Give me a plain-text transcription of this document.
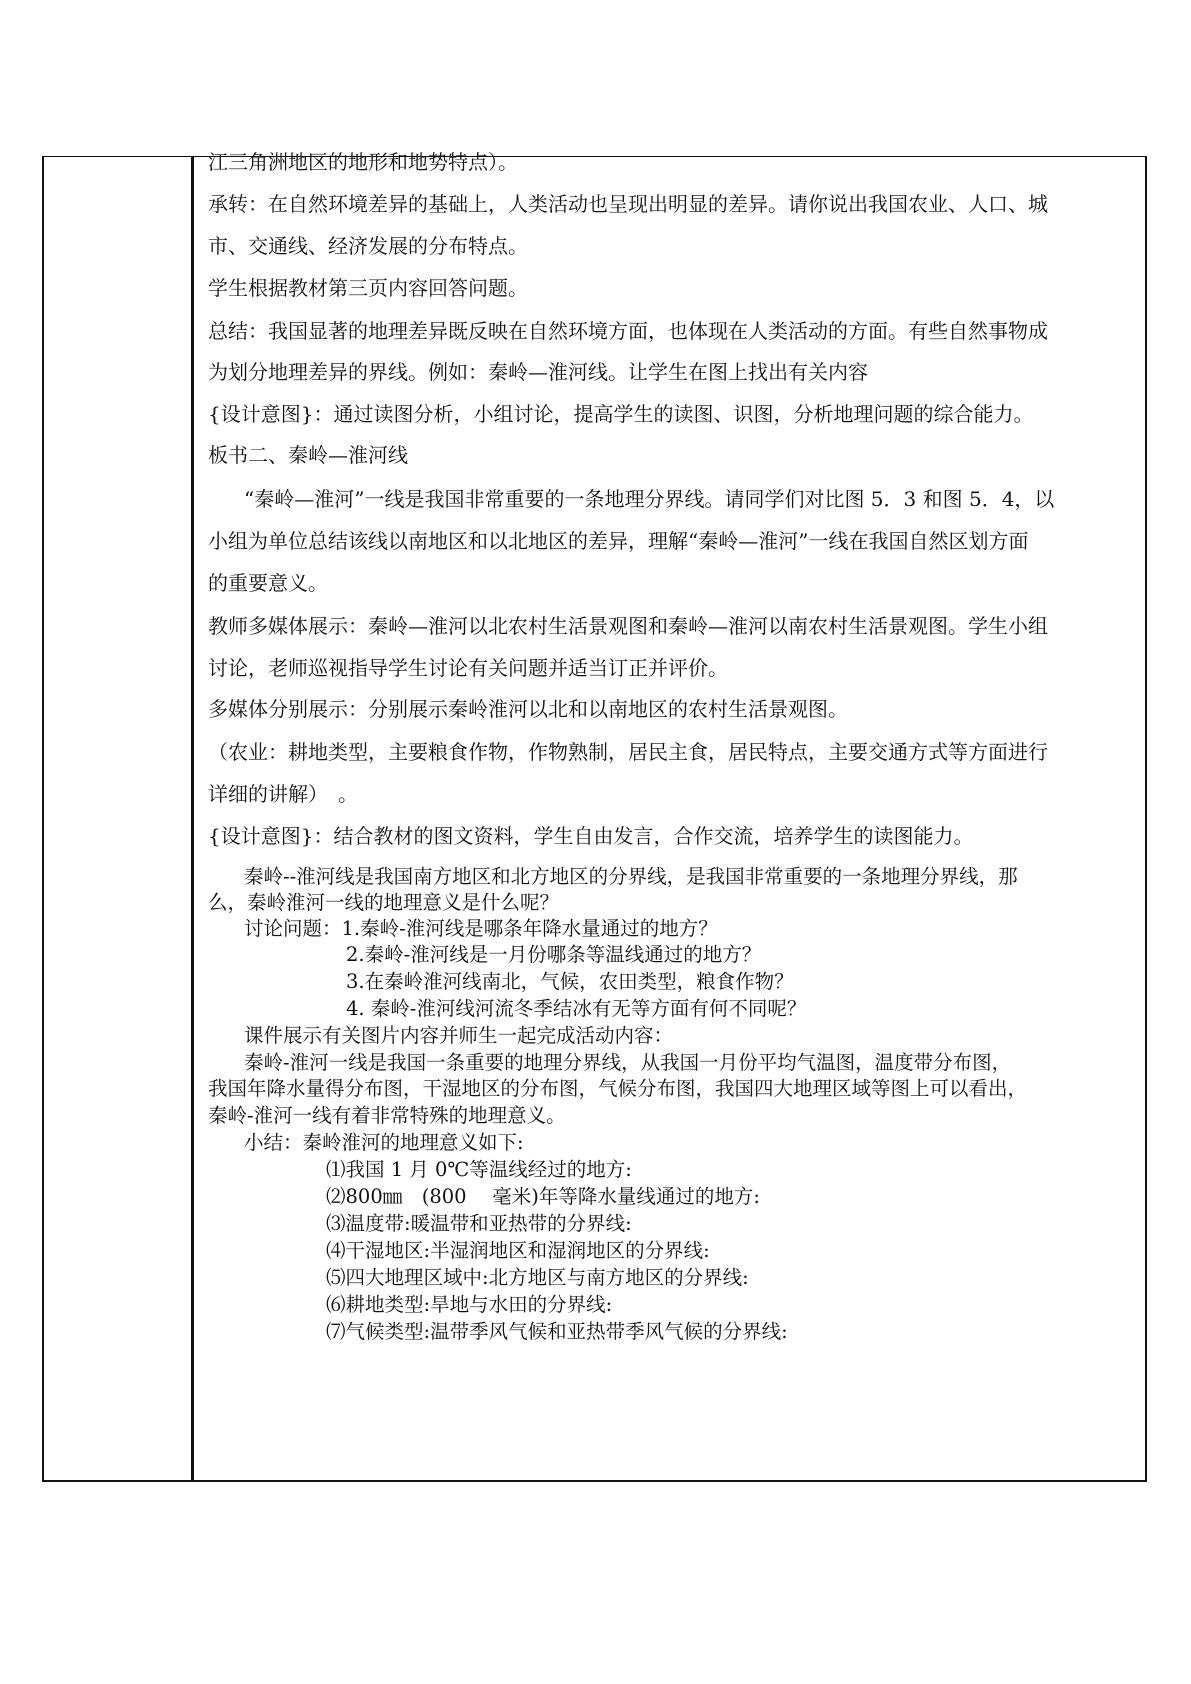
江三角洲地区的地形和地势特点）。

承转：在自然环境差异的基础上，人类活动也呈现出明显的差异。请你说出我国农业、人口、城

市、交通线、经济发展的分布特点。

学生根据教材第三页内容回答问题。

总结：我国显著的地理差异既反映在自然环境方面，也体现在人类活动的方面。有些自然事物成

为划分地理差异的界线。例如：秦岭—淮河线。让学生在图上找出有关内容

{设计意图}：通过读图分析，小组讨论，提高学生的读图、识图，分析地理问题的综合能力。

板书二、秦岭—淮河线

“秦岭—淮河”一线是我国非常重要的一条地理分界线。请同学们对比图 5．3 和图 5．4，以

小组为单位总结该线以南地区和以北地区的差异，理解“秦岭—淮河”一线在我国自然区划方面

的重要意义。

教师多媒体展示：秦岭—淮河以北农村生活景观图和秦岭—淮河以南农村生活景观图。学生小组

讨论，老师巡视指导学生讨论有关问题并适当订正并评价。

多媒体分别展示：分别展示秦岭淮河以北和以南地区的农村生活景观图。

（农业：耕地类型，主要粮食作物，作物熟制，居民主食，居民特点，主要交通方式等方面进行

详细的讲解）　。

{设计意图}：结合教材的图文资料，学生自由发言，合作交流，培养学生的读图能力。

秦岭--淮河线是我国南方地区和北方地区的分界线，是我国非常重要的一条地理分界线，那

么，秦岭淮河一线的地理意义是什么呢？

讨论问题：1.秦岭-淮河线是哪条年降水量通过的地方？

2.秦岭-淮河线是一月份哪条等温线通过的地方？

3.在秦岭淮河线南北，气候，农田类型，粮食作物？

4. 秦岭-淮河线河流冬季结冰有无等方面有何不同呢？

课件展示有关图片内容并师生一起完成活动内容：

秦岭-淮河一线是我国一条重要的地理分界线，从我国一月份平均气温图，温度带分布图，

我国年降水量得分布图，干湿地区的分布图，气候分布图，我国四大地理区域等图上可以看出，

秦岭-淮河一线有着非常特殊的地理意义。

小结：秦岭淮河的地理意义如下:

⑴我国 1 月 0℃等温线经过的地方:

⑵800㎜　(800　 毫米)年等降水量线通过的地方:

⑶温度带:暖温带和亚热带的分界线:

⑷干湿地区:半湿润地区和湿润地区的分界线:

⑸四大地理区域中:北方地区与南方地区的分界线:

⑹耕地类型:旱地与水田的分界线:

⑺气候类型:温带季风气候和亚热带季风气候的分界线:
